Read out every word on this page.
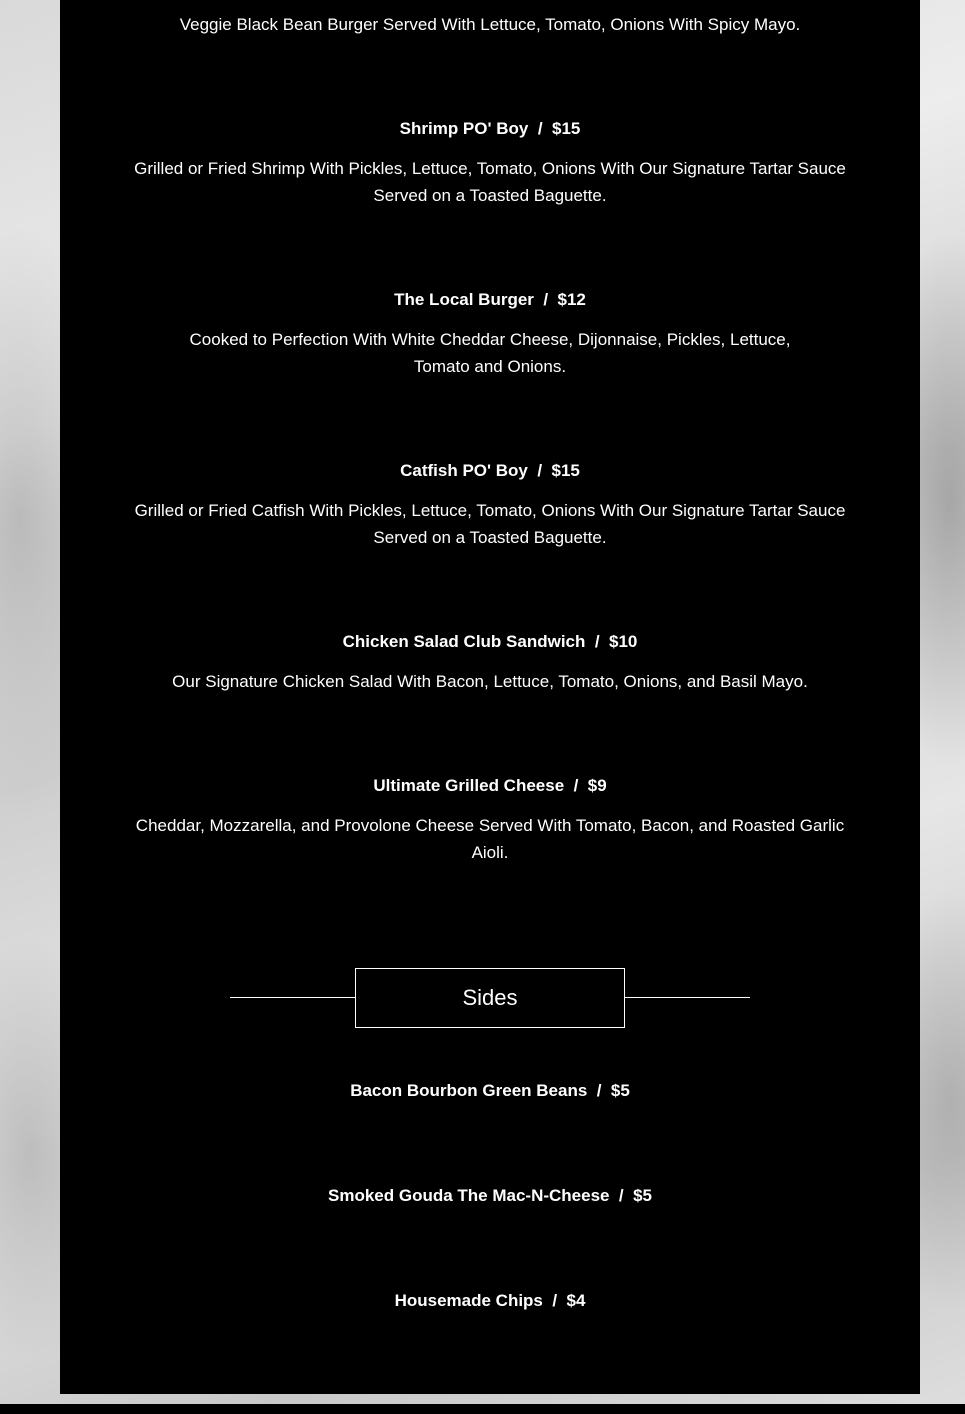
Veggie Black Bean Burger Served With Lettuce, Tomato, Onions With Spicy Mayo.
Shrimp PO' Boy  /  $15
Grilled or Fried Shrimp With Pickles, Lettuce, Tomato, Onions With Our Signature Tartar Sauce Served on a Toasted Baguette.
The Local Burger  /  $12
Cooked to Perfection With White Cheddar Cheese, Dijonnaise, Pickles, Lettuce, Tomato and Onions.
Catfish PO' Boy  /  $15
Grilled or Fried Catfish With Pickles, Lettuce, Tomato, Onions With Our Signature Tartar Sauce Served on a Toasted Baguette.
Chicken Salad Club Sandwich  /  $10
Our Signature Chicken Salad With Bacon, Lettuce, Tomato, Onions, and Basil Mayo.
Ultimate Grilled Cheese  /  $9
Cheddar, Mozzarella, and Provolone Cheese Served With Tomato, Bacon, and Roasted Garlic Aioli.
Sides
Bacon Bourbon Green Beans  /  $5
Smoked Gouda The Mac-N-Cheese  /  $5
Housemade Chips  /  $4
